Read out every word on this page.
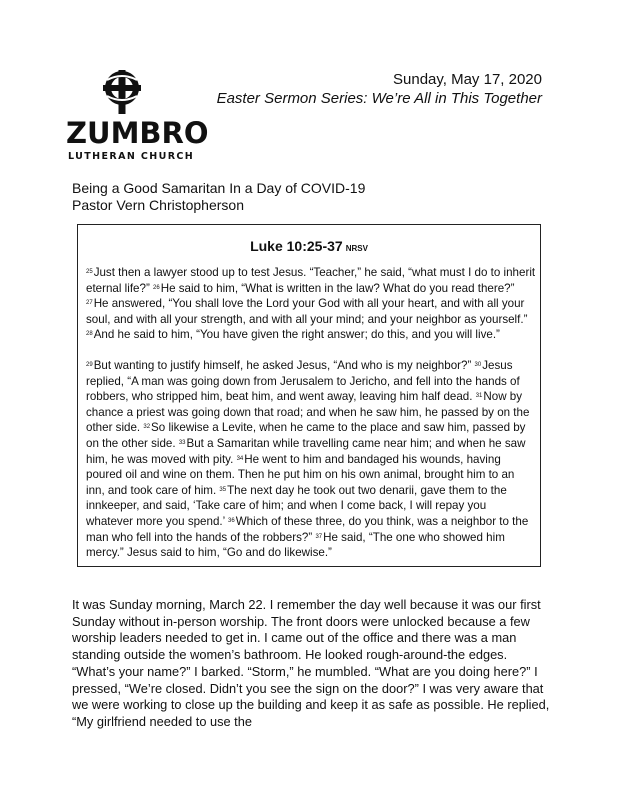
ZUMBRO
LUTHERAN CHURCH
Sunday, May 17, 2020
Easter Sermon Series: We’re All in This Together
Being a Good Samaritan In a Day of COVID-19
Pastor Vern Christopherson
Luke 10:25-37 NRSV
$^{25}$Just then a lawyer stood up to test Jesus. “Teacher,” he said, “what must I do to inherit eternal life?” $^{26}$He said to him, “What is written in the law? What do you read there?” $^{27}$He answered, “You shall love the Lord your God with all your heart, and with all your soul, and with all your strength, and with all your mind; and your neighbor as yourself.” $^{28}$And he said to him, “You have given the right answer; do this, and you will live.”
$^{29}$But wanting to justify himself, he asked Jesus, “And who is my neighbor?” $^{30}$Jesus replied, “A man was going down from Jerusalem to Jericho, and fell into the hands of robbers, who stripped him, beat him, and went away, leaving him half dead. $^{31}$Now by chance a priest was going down that road; and when he saw him, he passed by on the other side. $^{32}$So likewise a Levite, when he came to the place and saw him, passed by on the other side. $^{33}$But a Samaritan while travelling came near him; and when he saw him, he was moved with pity. $^{34}$He went to him and bandaged his wounds, having poured oil and wine on them. Then he put him on his own animal, brought him to an inn, and took care of him. $^{35}$The next day he took out two denarii, gave them to the innkeeper, and said, ‘Take care of him; and when I come back, I will repay you whatever more you spend.’ $^{36}$Which of these three, do you think, was a neighbor to the man who fell into the hands of the robbers?” $^{37}$He said, “The one who showed him mercy.” Jesus said to him, “Go and do likewise.”
It was Sunday morning, March 22. I remember the day well because it was our first Sunday without in-person worship. The front doors were unlocked because a few worship leaders needed to get in. I came out of the office and there was a man standing outside the women’s bathroom. He looked rough-around-the edges. “What’s your name?” I barked. “Storm,” he mumbled. “What are you doing here?” I pressed, “We’re closed. Didn’t you see the sign on the door?” I was very aware that we were working to close up the building and keep it as safe as possible. He replied, “My girlfriend needed to use the
